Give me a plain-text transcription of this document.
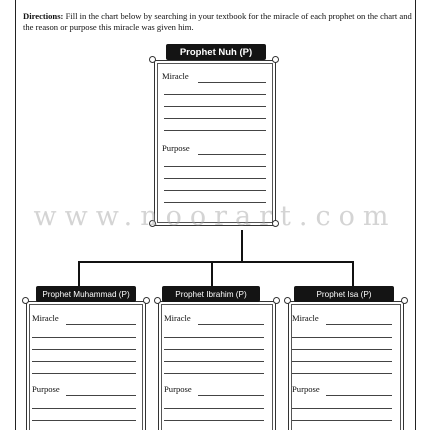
Directions: Fill in the chart below by searching in your textbook for the miracle of each prophet on the chart and the reason or purpose this miracle was given him.

Prophet Nuh (P)
Miracle
Purpose
Prophet Muhammad (P)
Miracle
Purpose
Prophet Ibrahim (P)
Miracle
Purpose
Prophet Isa (P)
Miracle
Purpose
www.noorart.com
